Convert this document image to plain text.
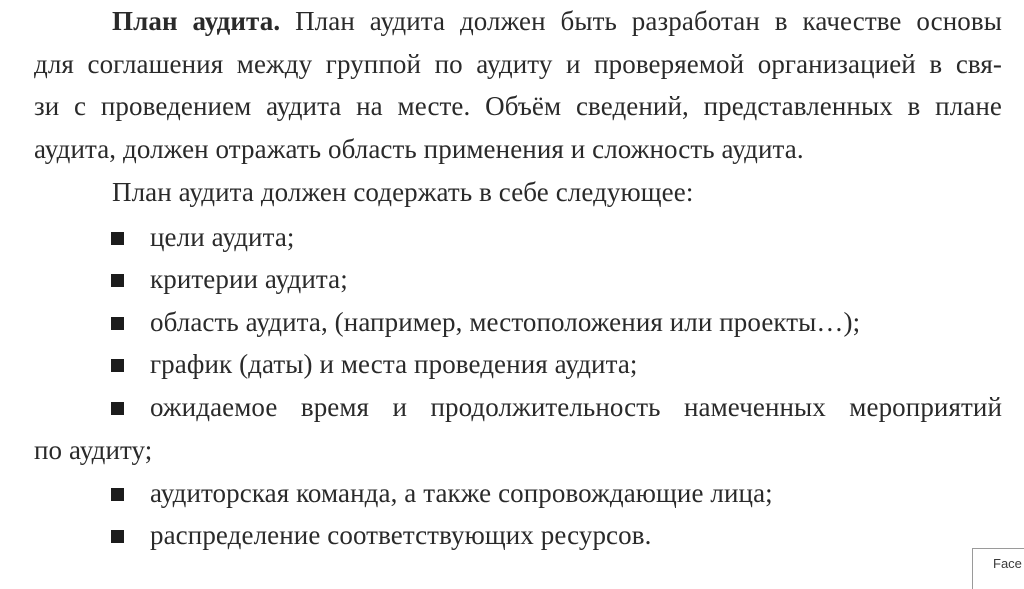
План аудита. План аудита должен быть разработан в качестве основы
для соглашения между группой по аудиту и проверяемой организацией в свя-
зи с проведением аудита на месте. Объём сведений, представленных в плане
аудита, должен отражать область применения и сложность аудита.
План аудита должен содержать в себе следующее:
цели аудита;
критерии аудита;
область аудита, (например, местоположения или проекты…);
график (даты) и места проведения аудита;
ожидаемое время и продолжительность намеченных мероприятий
по аудиту;
аудиторская команда, а также сопровождающие лица;
распределение соответствующих ресурсов.
Face
